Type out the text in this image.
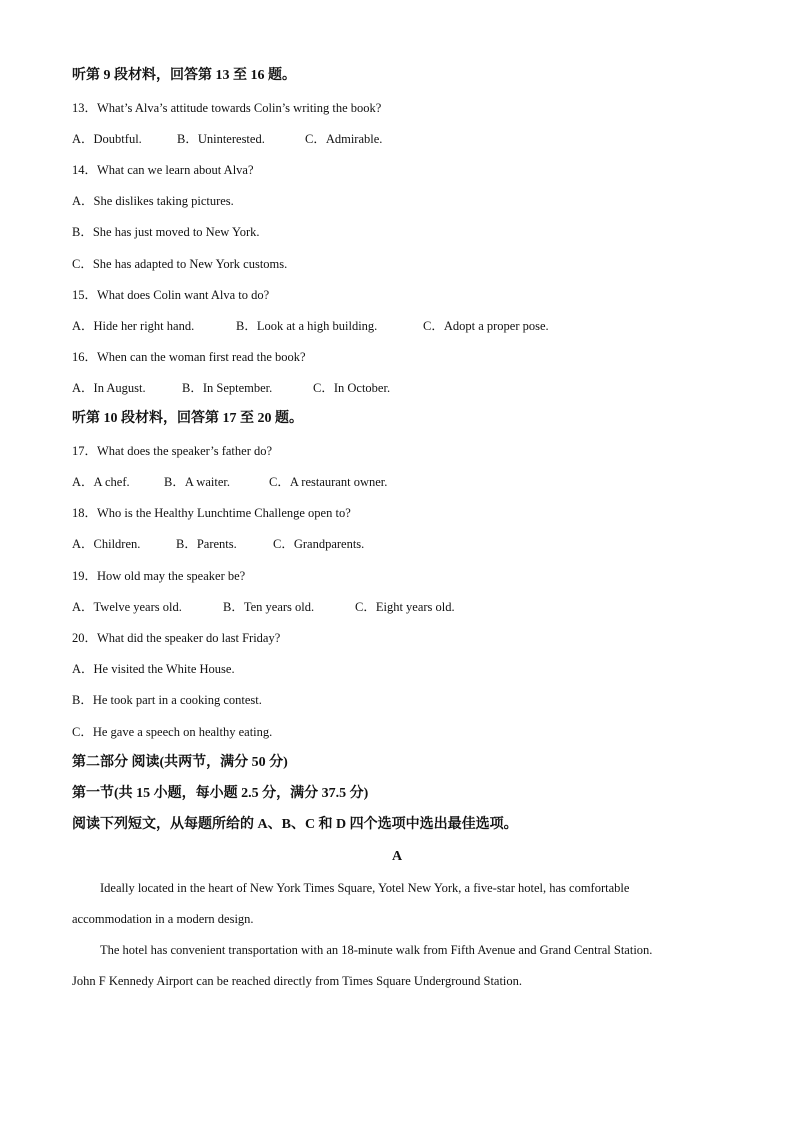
听第 9 段材料，回答第 13 至 16 题。
13．What’s Alva’s attitude towards Colin’s writing the book?
A．Doubtful.	B．Uninterested.	C．Admirable.
14．What can we learn about Alva?
A．She dislikes taking pictures.
B．She has just moved to New York.
C．She has adapted to New York customs.
15．What does Colin want Alva to do?
A．Hide her right hand.	B．Look at a high building.	C．Adopt a proper pose.
16．When can the woman first read the book?
A．In August.	B．In September.	C．In October.
听第 10 段材料，回答第 17 至 20 题。
17．What does the speaker’s father do?
A．A chef.	B．A waiter.	C．A restaurant owner.
18．Who is the Healthy Lunchtime Challenge open to?
A．Children.	B．Parents.	C．Grandparents.
19．How old may the speaker be?
A．Twelve years old.	B．Ten years old.	C．Eight years old.
20．What did the speaker do last Friday?
A．He visited the White House.
B．He took part in a cooking contest.
C．He gave a speech on healthy eating.
第二部分 阅读(共两节，满分 50 分)
第一节(共 15 小题，每小题 2.5 分，满分 37.5 分)
阅读下列短文，从每题所给的 A、B、C 和 D 四个选项中选出最佳选项。
A
Ideally located in the heart of New York Times Square, Yotel New York, a five-star hotel, has comfortable
accommodation in a modern design.
The hotel has convenient transportation with an 18-minute walk from Fifth Avenue and Grand Central Station.
John F Kennedy Airport can be reached directly from Times Square Underground Station.
